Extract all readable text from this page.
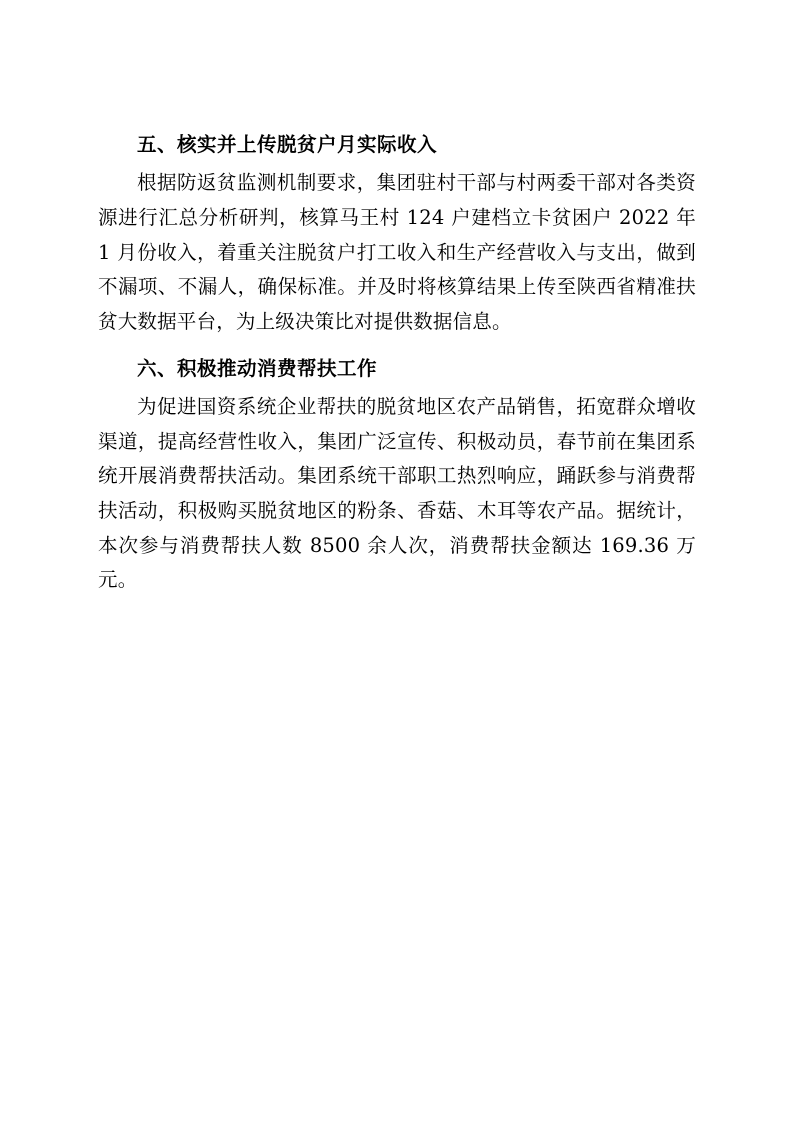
五、核实并上传脱贫户月实际收入

根据防返贫监测机制要求，集团驻村干部与村两委干部对各类资源进行汇总分析研判，核算马王村 124 户建档立卡贫困户 2022 年 1 月份收入，着重关注脱贫户打工收入和生产经营收入与支出，做到不漏项、不漏人，确保标准。并及时将核算结果上传至陕西省精准扶贫大数据平台，为上级决策比对提供数据信息。

六、积极推动消费帮扶工作

为促进国资系统企业帮扶的脱贫地区农产品销售，拓宽群众增收渠道，提高经营性收入，集团广泛宣传、积极动员，春节前在集团系统开展消费帮扶活动。集团系统干部职工热烈响应，踊跃参与消费帮扶活动，积极购买脱贫地区的粉条、香菇、木耳等农产品。据统计，本次参与消费帮扶人数 8500 余人次，消费帮扶金额达 169.36 万元。
